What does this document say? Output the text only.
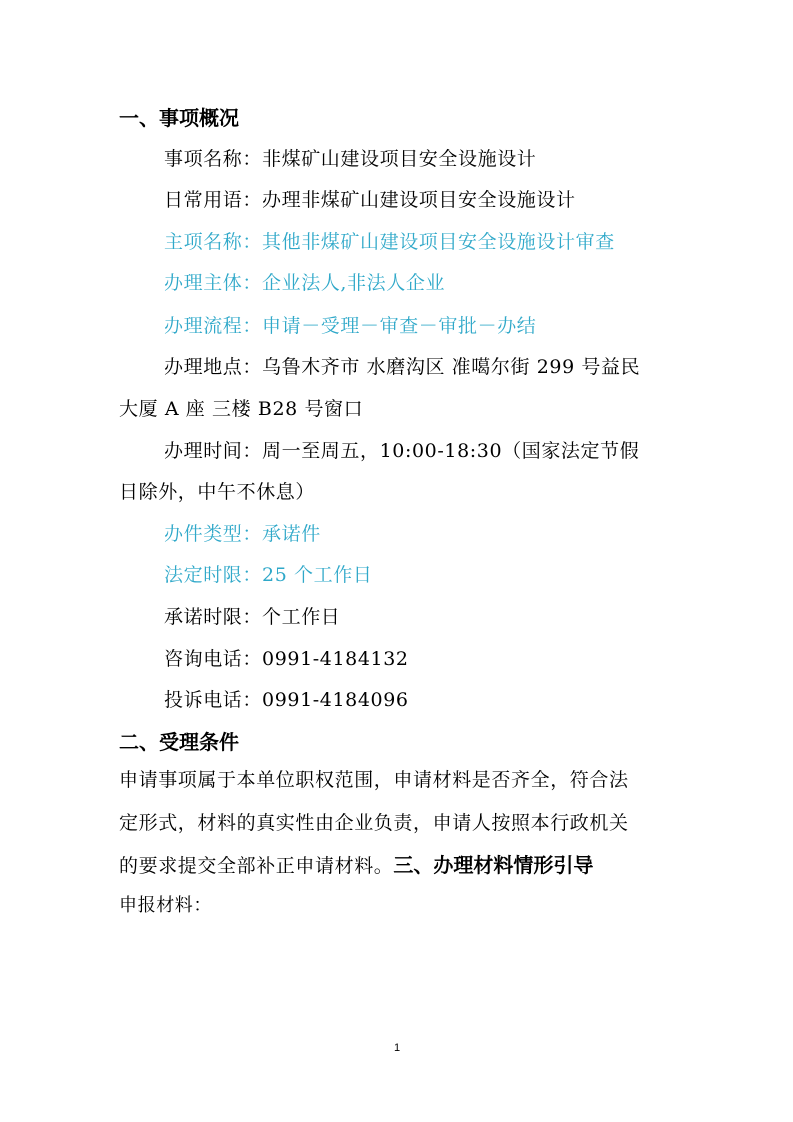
一、事项概况
事项名称：非煤矿山建设项目安全设施设计
日常用语：办理非煤矿山建设项目安全设施设计
主项名称：其他非煤矿山建设项目安全设施设计审查
办理主体：企业法人,非法人企业
办理流程：申请－受理－审查－审批－办结
办理地点：乌鲁木齐市 水磨沟区 准噶尔街 299 号益民
大厦 A 座 三楼 B28 号窗口
办理时间：周一至周五，10:00-18:30（国家法定节假
日除外，中午不休息）
办件类型：承诺件
法定时限：25 个工作日
承诺时限：个工作日
咨询电话：0991-4184132
投诉电话：0991-4184096
二、受理条件
申请事项属于本单位职权范围，申请材料是否齐全，符合法
定形式，材料的真实性由企业负责，申请人按照本行政机关
的要求提交全部补正申请材料。三、办理材料情形引导
申报材料：
1
